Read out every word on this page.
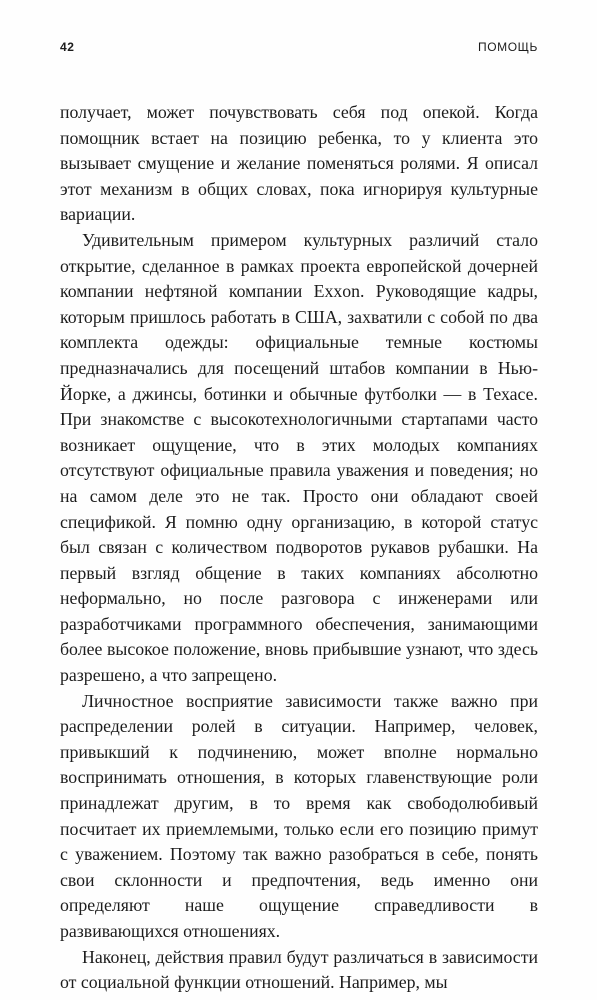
42	ПОМОЩЬ

получает, может почувствовать себя под опекой. Когда помощник встает на позицию ребенка, то у клиента это вызывает смущение и желание поменяться ролями. Я описал этот механизм в общих словах, пока игнорируя культурные вариации.

Удивительным примером культурных различий стало открытие, сделанное в рамках проекта европейской дочерней компании нефтяной компании Exxon. Руководящие кадры, которым пришлось работать в США, захватили с собой по два комплекта одежды: официальные темные костюмы предназначались для посещений штабов компании в Нью-Йорке, а джинсы, ботинки и обычные футболки — в Техасе. При знакомстве с высокотехнологичными стартапами часто возникает ощущение, что в этих молодых компаниях отсутствуют официальные правила уважения и поведения; но на самом деле это не так. Просто они обладают своей спецификой. Я помню одну организацию, в которой статус был связан с количеством подворотов рукавов рубашки. На первый взгляд общение в таких компаниях абсолютно неформально, но после разговора с инженерами или разработчиками программного обеспечения, занимающими более высокое положение, вновь прибывшие узнают, что здесь разрешено, а что запрещено.

Личностное восприятие зависимости также важно при распределении ролей в ситуации. Например, человек, привыкший к подчинению, может вполне нормально воспринимать отношения, в которых главенствующие роли принадлежат другим, в то время как свободолюбивый посчитает их приемлемыми, только если его позицию примут с уважением. Поэтому так важно разобраться в себе, понять свои склонности и предпочтения, ведь именно они определяют наше ощущение справедливости в развивающихся отношениях.

Наконец, действия правил будут различаться в зависимости от социальной функции отношений. Например, мы
